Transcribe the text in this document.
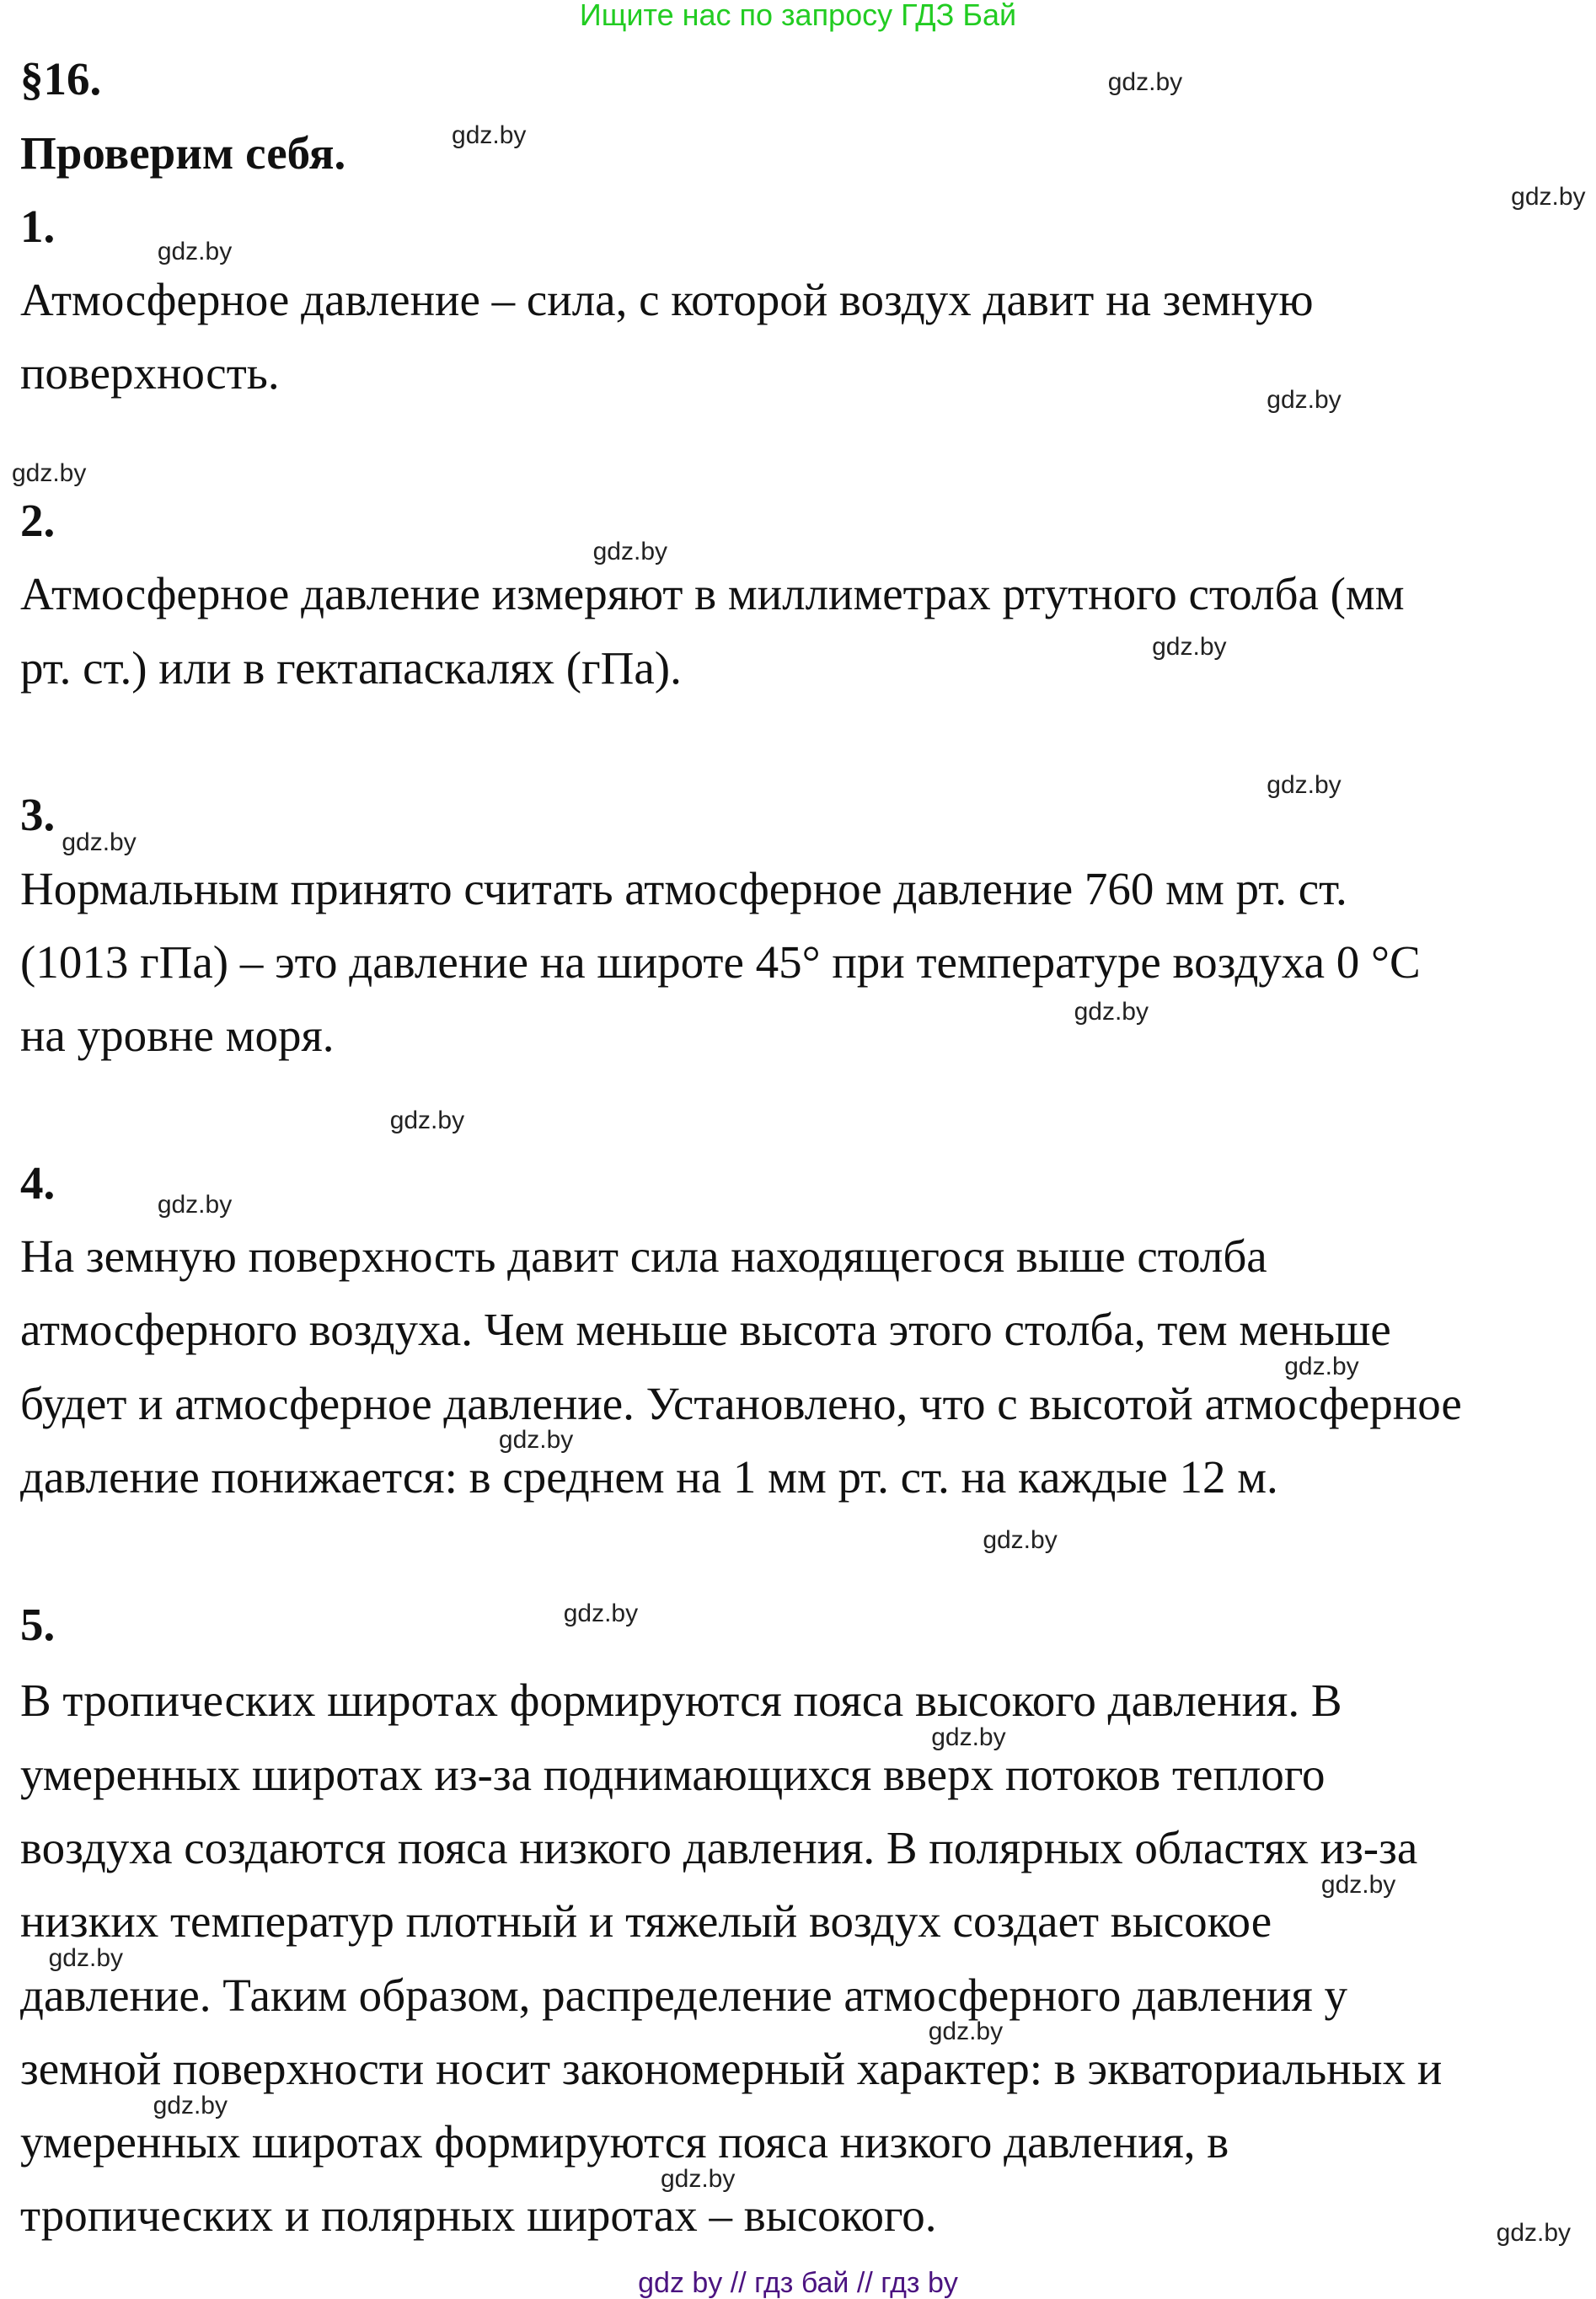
Ищите нас по запросу ГДЗ Бай
§16.
Проверим себя.
1.
Атмосферное давление – сила, с которой воздух давит на земную
поверхность.
2.
Атмосферное давление измеряют в миллиметрах ртутного столба (мм
рт. ст.) или в гектапаскалях (гПа).
3.
Нормальным принято считать атмосферное давление 760 мм рт. ст.
(1013 гПа) – это давление на широте 45° при температуре воздуха 0 °С
на уровне моря.
4.
На земную поверхность давит сила находящегося выше столба
атмосферного воздуха. Чем меньше высота этого столба, тем меньше
будет и атмосферное давление. Установлено, что с высотой атмосферное
давление понижается: в среднем на 1 мм рт. ст. на каждые 12 м.
5.
В тропических широтах формируются пояса высокого давления. В
умеренных широтах из-за поднимающихся вверх потоков теплого
воздуха создаются пояса низкого давления. В полярных областях из-за
низких температур плотный и тяжелый воздух создает высокое
давление. Таким образом, распределение атмосферного давления у
земной поверхности носит закономерный характер: в экваториальных и
умеренных широтах формируются пояса низкого давления, в
тропических и полярных широтах – высокого.
gdz.by
gdz.by
gdz.by
gdz.by
gdz.by
gdz.by
gdz.by
gdz.by
gdz.by
gdz.by
gdz.by
gdz.by
gdz.by
gdz.by
gdz.by
gdz.by
gdz.by
gdz.by
gdz.by
gdz.by
gdz.by
gdz.by
gdz.by
gdz.by
gdz by // гдз бай // гдз by
